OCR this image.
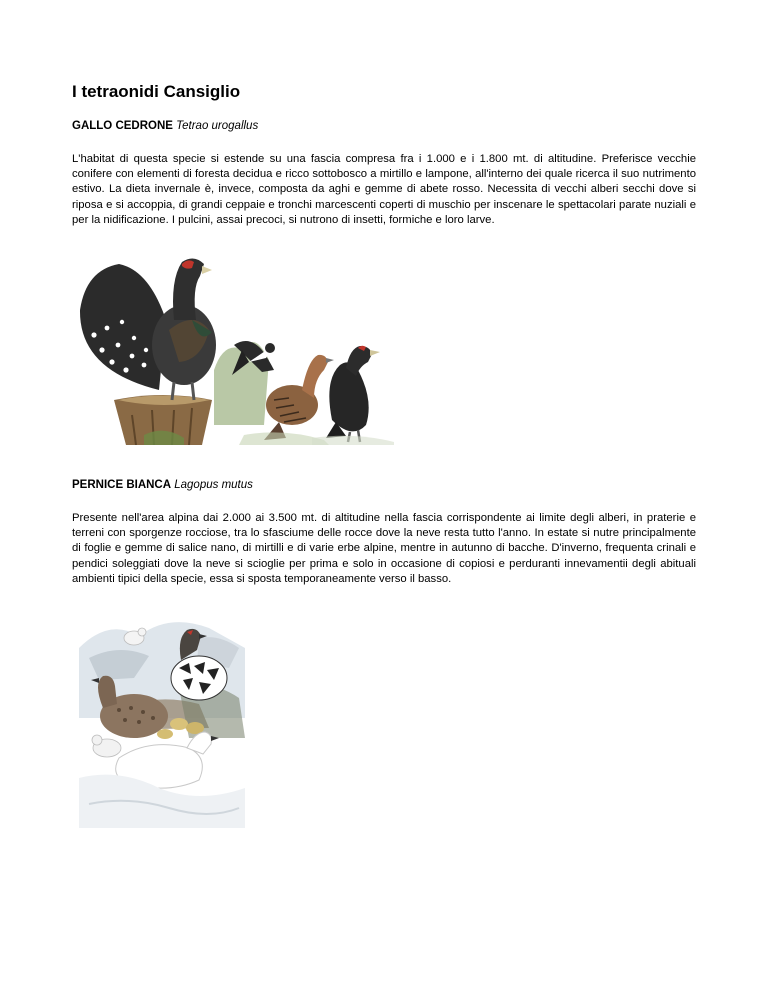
I tetraonidi Cansiglio

GALLO CEDRONE Tetrao urogallus

L'habitat di questa specie si estende su una fascia compresa fra i 1.000 e i 1.800 mt. di altitudine. Preferisce vecchie conifere con elementi di foresta decidua e ricco sottobosco a mirtillo e lampone, all'interno dei quale ricerca il suo nutrimento estivo. La dieta invernale è, invece, composta da aghi e gemme di abete rosso. Necessita di vecchi alberi secchi dove si riposa e si accoppia, di grandi ceppaie e tronchi marcescenti coperti di muschio per inscenare le spettacolari parate nuziali e per la nidificazione. I pulcini, assai precoci, si nutrono di insetti, formiche e loro larve.

PERNICE BIANCA Lagopus mutus

Presente nell'area alpina dai 2.000 ai 3.500 mt. di altitudine nella fascia corrispondente ai limite degli alberi, in praterie e terreni con sporgenze rocciose, tra lo sfasciume delle rocce dove la neve resta tutto l'anno. In estate si nutre principalmente di foglie e gemme di salice nano, di mirtilli e di varie erbe alpine, mentre in autunno di bacche. D'inverno, frequenta crinali e pendici soleggiati dove la neve si scioglie per prima e solo in occasione di copiosi e perduranti innevamentii degli abituali ambienti tipici della specie, essa si sposta temporaneamente verso il basso.
